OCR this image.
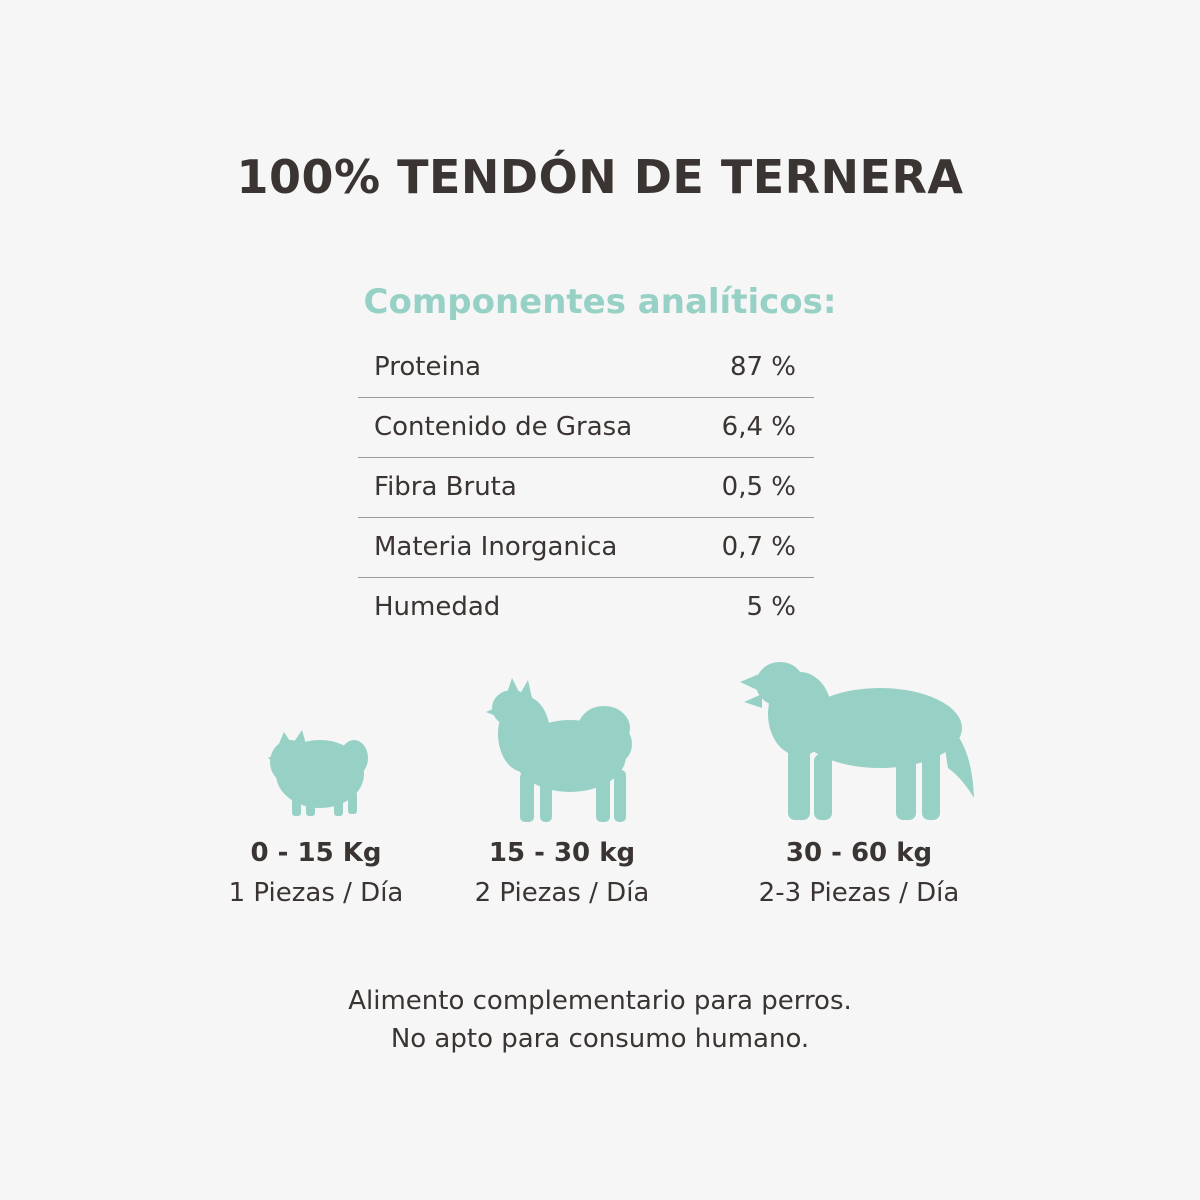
100% TENDÓN DE TERNERA
Componentes analíticos:
Proteina	87 %
Contenido de Grasa	6,4 %
Fibra Bruta	0,5 %
Materia Inorganica	0,7 %
Humedad	5 %
0 - 15 Kg
1 Piezas / Día
15 - 30 kg
2 Piezas / Día
30 - 60 kg
2-3 Piezas / Día
Alimento complementario para perros.
No apto para consumo humano.
